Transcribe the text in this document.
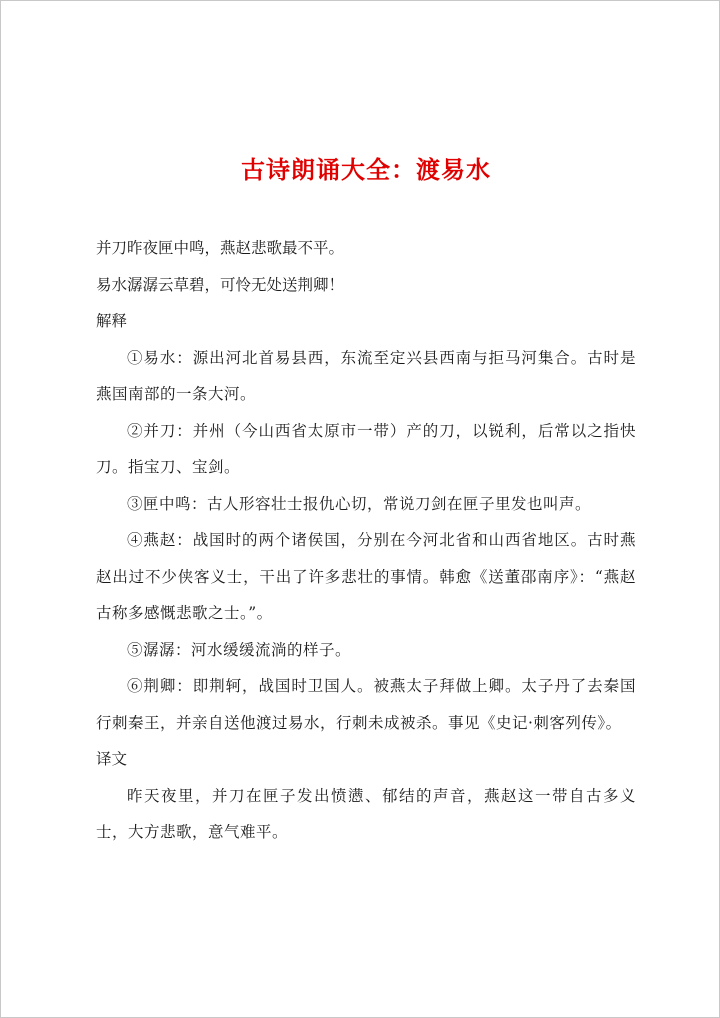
古诗朗诵大全：渡易水

并刀昨夜匣中鸣，燕赵悲歌最不平。

易水潺潺云草碧，可怜无处送荆卿！

解释

①易水：源出河北首易县西，东流至定兴县西南与拒马河集合。古时是燕国南部的一条大河。

②并刀：并州（今山西省太原市一带）产的刀，以锐利，后常以之指快刀。指宝刀、宝剑。

③匣中鸣：古人形容壮士报仇心切，常说刀剑在匣子里发也叫声。

④燕赵：战国时的两个诸侯国，分别在今河北省和山西省地区。古时燕赵出过不少侠客义士，干出了许多悲壮的事情。韩愈《送董邵南序》：“燕赵古称多感慨悲歌之士。”。

⑤潺潺：河水缓缓流淌的样子。

⑥荆卿：即荆轲，战国时卫国人。被燕太子拜做上卿。太子丹了去秦国行刺秦王，并亲自送他渡过易水，行刺未成被杀。事见《史记·刺客列传》。

译文

昨天夜里，并刀在匣子发出愤懑、郁结的声音，燕赵这一带自古多义士，大方悲歌，意气难平。
